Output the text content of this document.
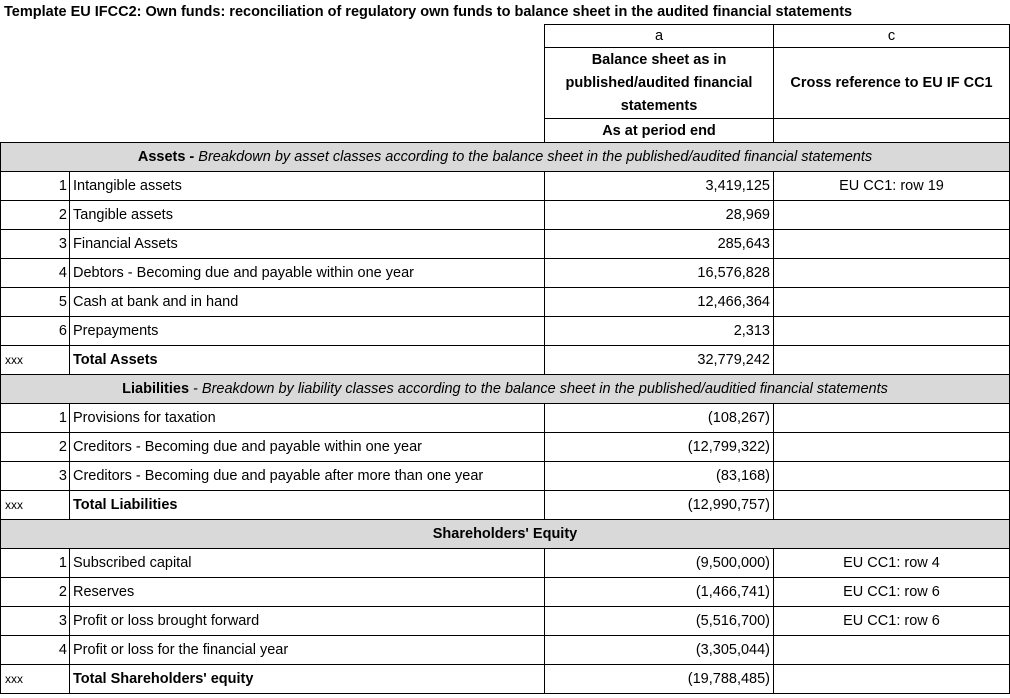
Template EU IFCC2: Own funds: reconciliation of regulatory own funds to balance sheet in the audited financial statements
		a	c

		Balance sheet as in
published/audited financial
statements	Cross reference to EU IF CC1
		As at period end	
Assets - Breakdown by asset classes according to the balance sheet in the published/audited financial statements			
1	Intangible assets	3,419,125	EU CC1: row 19
2	Tangible assets	28,969	
3	Financial Assets	285,643	
4	Debtors - Becoming due and payable within one year	16,576,828	
5	Cash at bank and in hand	12,466,364	
6	Prepayments	2,313	
xxx	Total Assets	32,779,242	
Liabilities - Breakdown by liability classes according to the balance sheet in the published/auditied financial statements			
1	Provisions for taxation	(108,267)	
2	Creditors - Becoming due and payable within one year	(12,799,322)	
3	Creditors - Becoming due and payable after more than one year	(83,168)	
xxx	Total Liabilities	(12,990,757)	
Shareholders' Equity			
1	Subscribed capital	(9,500,000)	EU CC1: row 4
2	Reserves	(1,466,741)	EU CC1: row 6
3	Profit or loss brought forward	(5,516,700)	EU CC1: row 6
4	Profit or loss for the financial year	(3,305,044)	
xxx	Total Shareholders' equity	(19,788,485)	
